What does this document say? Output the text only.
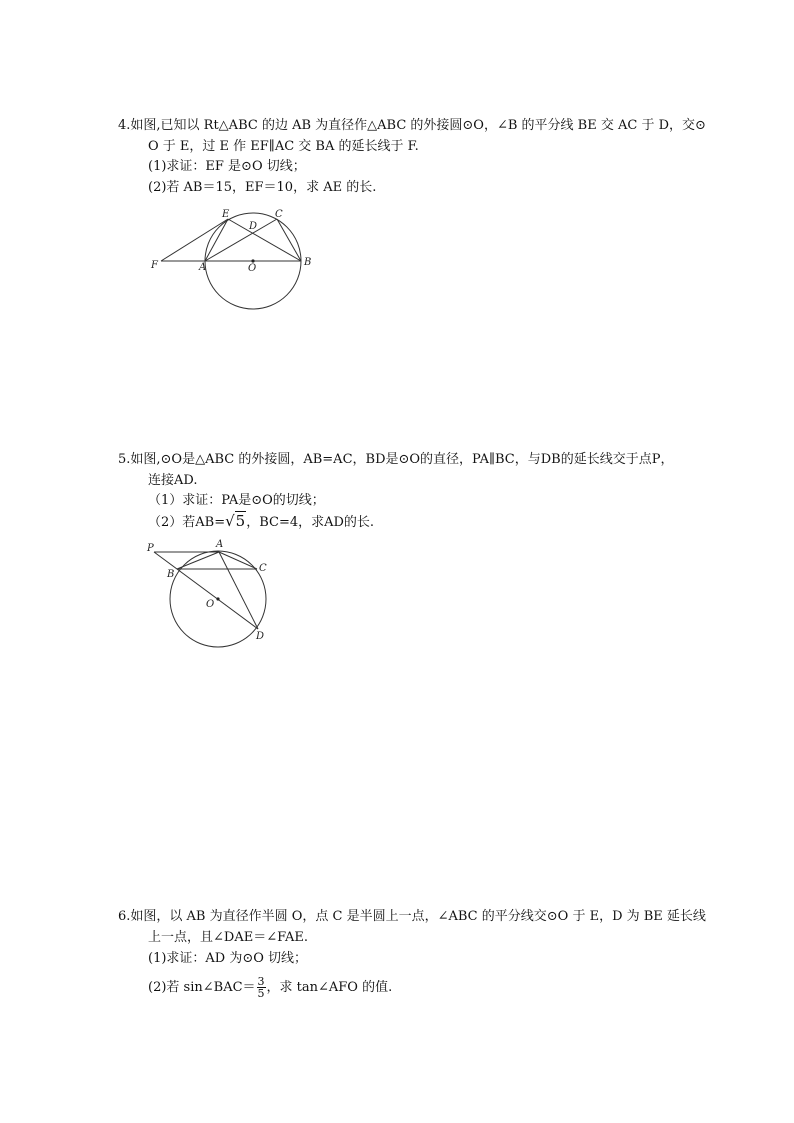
4.如图,已知以 Rt△ABC 的边 AB 为直径作△ABC 的外接圆⊙O，∠B 的平分线 BE 交 AC 于 D，交⊙
O 于 E，过 E 作 EF∥AC 交 BA 的延长线于 F.
(1)求证：EF 是⊙O 切线；
(2)若 AB＝15，EF＝10，求 AE 的长.
E	C
D
F	A	O
B
5.如图,⊙O是△ABC 的外接圆，AB=AC，BD是⊙O的直径，PA∥BC，与DB的延长线交于点P，
连接AD.
（1）求证：PA是⊙O的切线；
（2）若AB=√5，BC=4，求AD的长.
P	A
B
C
O
D
6.如图，以 AB 为直径作半圆 O，点 C 是半圆上一点，∠ABC 的平分线交⊙O 于 E，D 为 BE 延长线
上一点，且∠DAE＝∠FAE.
(1)求证：AD 为⊙O 切线；
(2)若 sin∠BAC＝ $\frac{3}{5}$ ，求 tan∠AFO 的值.
